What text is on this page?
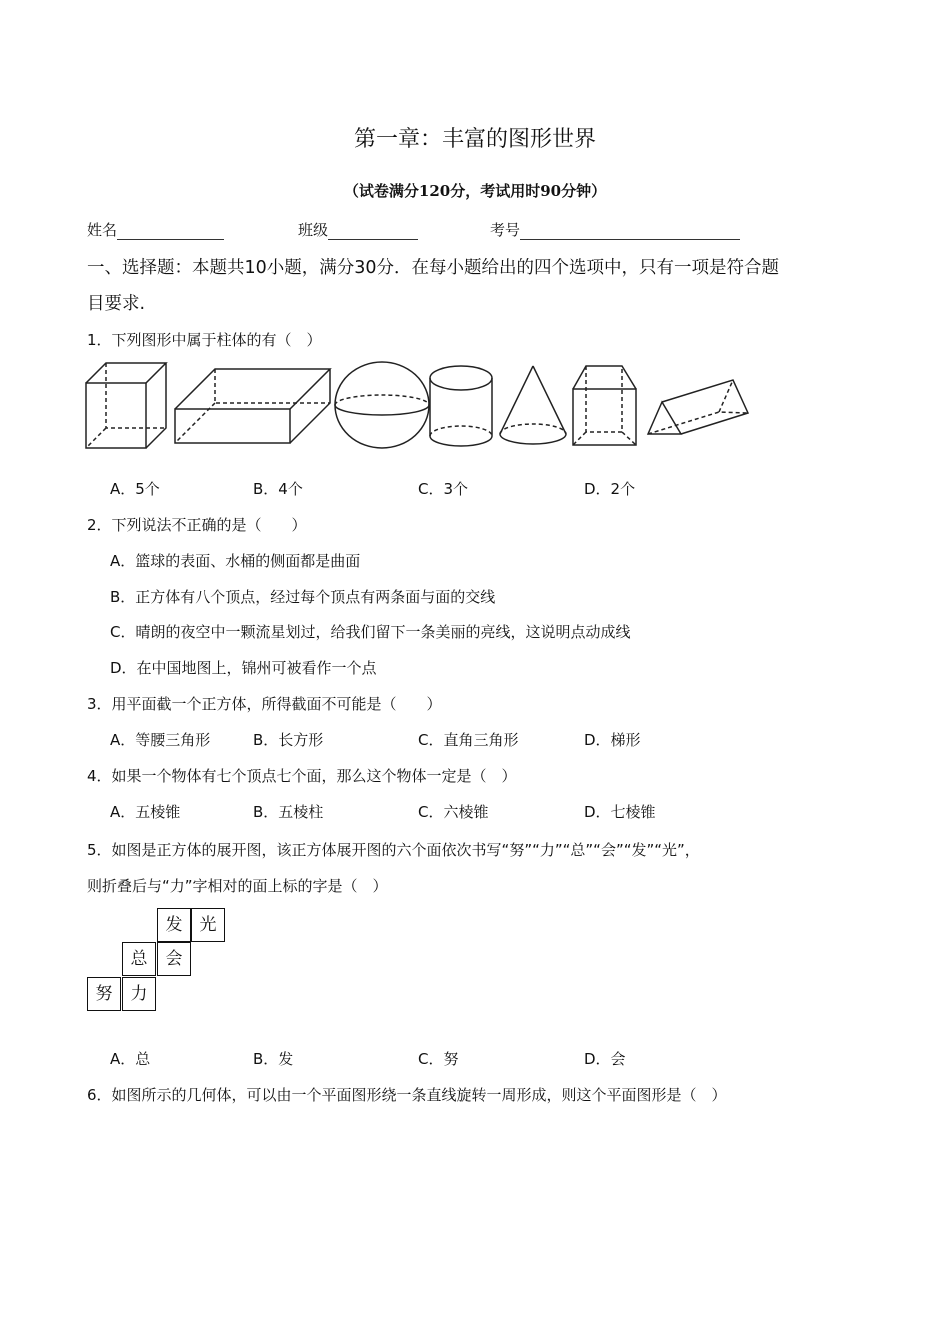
第一章：丰富的图形世界
（试卷满分120分，考试用时90分钟）
姓名	班级	考号
一、选择题：本题共10小题，满分30分．在每小题给出的四个选项中，只有一项是符合题
目要求.
1．下列图形中属于柱体的有（　）
A．5个	B．4个	C．3个	D．2个
2．下列说法不正确的是（　　）
A．篮球的表面、水桶的侧面都是曲面
B．正方体有八个顶点，经过每个顶点有两条面与面的交线
C．晴朗的夜空中一颗流星划过，给我们留下一条美丽的亮线，这说明点动成线
D．在中国地图上，锦州可被看作一个点
3．用平面截一个正方体，所得截面不可能是（　　）
A．等腰三角形	B．长方形	C．直角三角形	D．梯形
4．如果一个物体有七个顶点七个面，那么这个物体一定是（　）
A．五棱锥	B．五棱柱	C．六棱锥	D．七棱锥
5．如图是正方体的展开图，该正方体展开图的六个面依次书写“努”“力”“总”“会”“发”“光”，
则折叠后与“力”字相对的面上标的字是（　）
发	光
总	会
努	力
A．总	B．发	C．努	D．会
6．如图所示的几何体，可以由一个平面图形绕一条直线旋转一周形成，则这个平面图形是（　）
